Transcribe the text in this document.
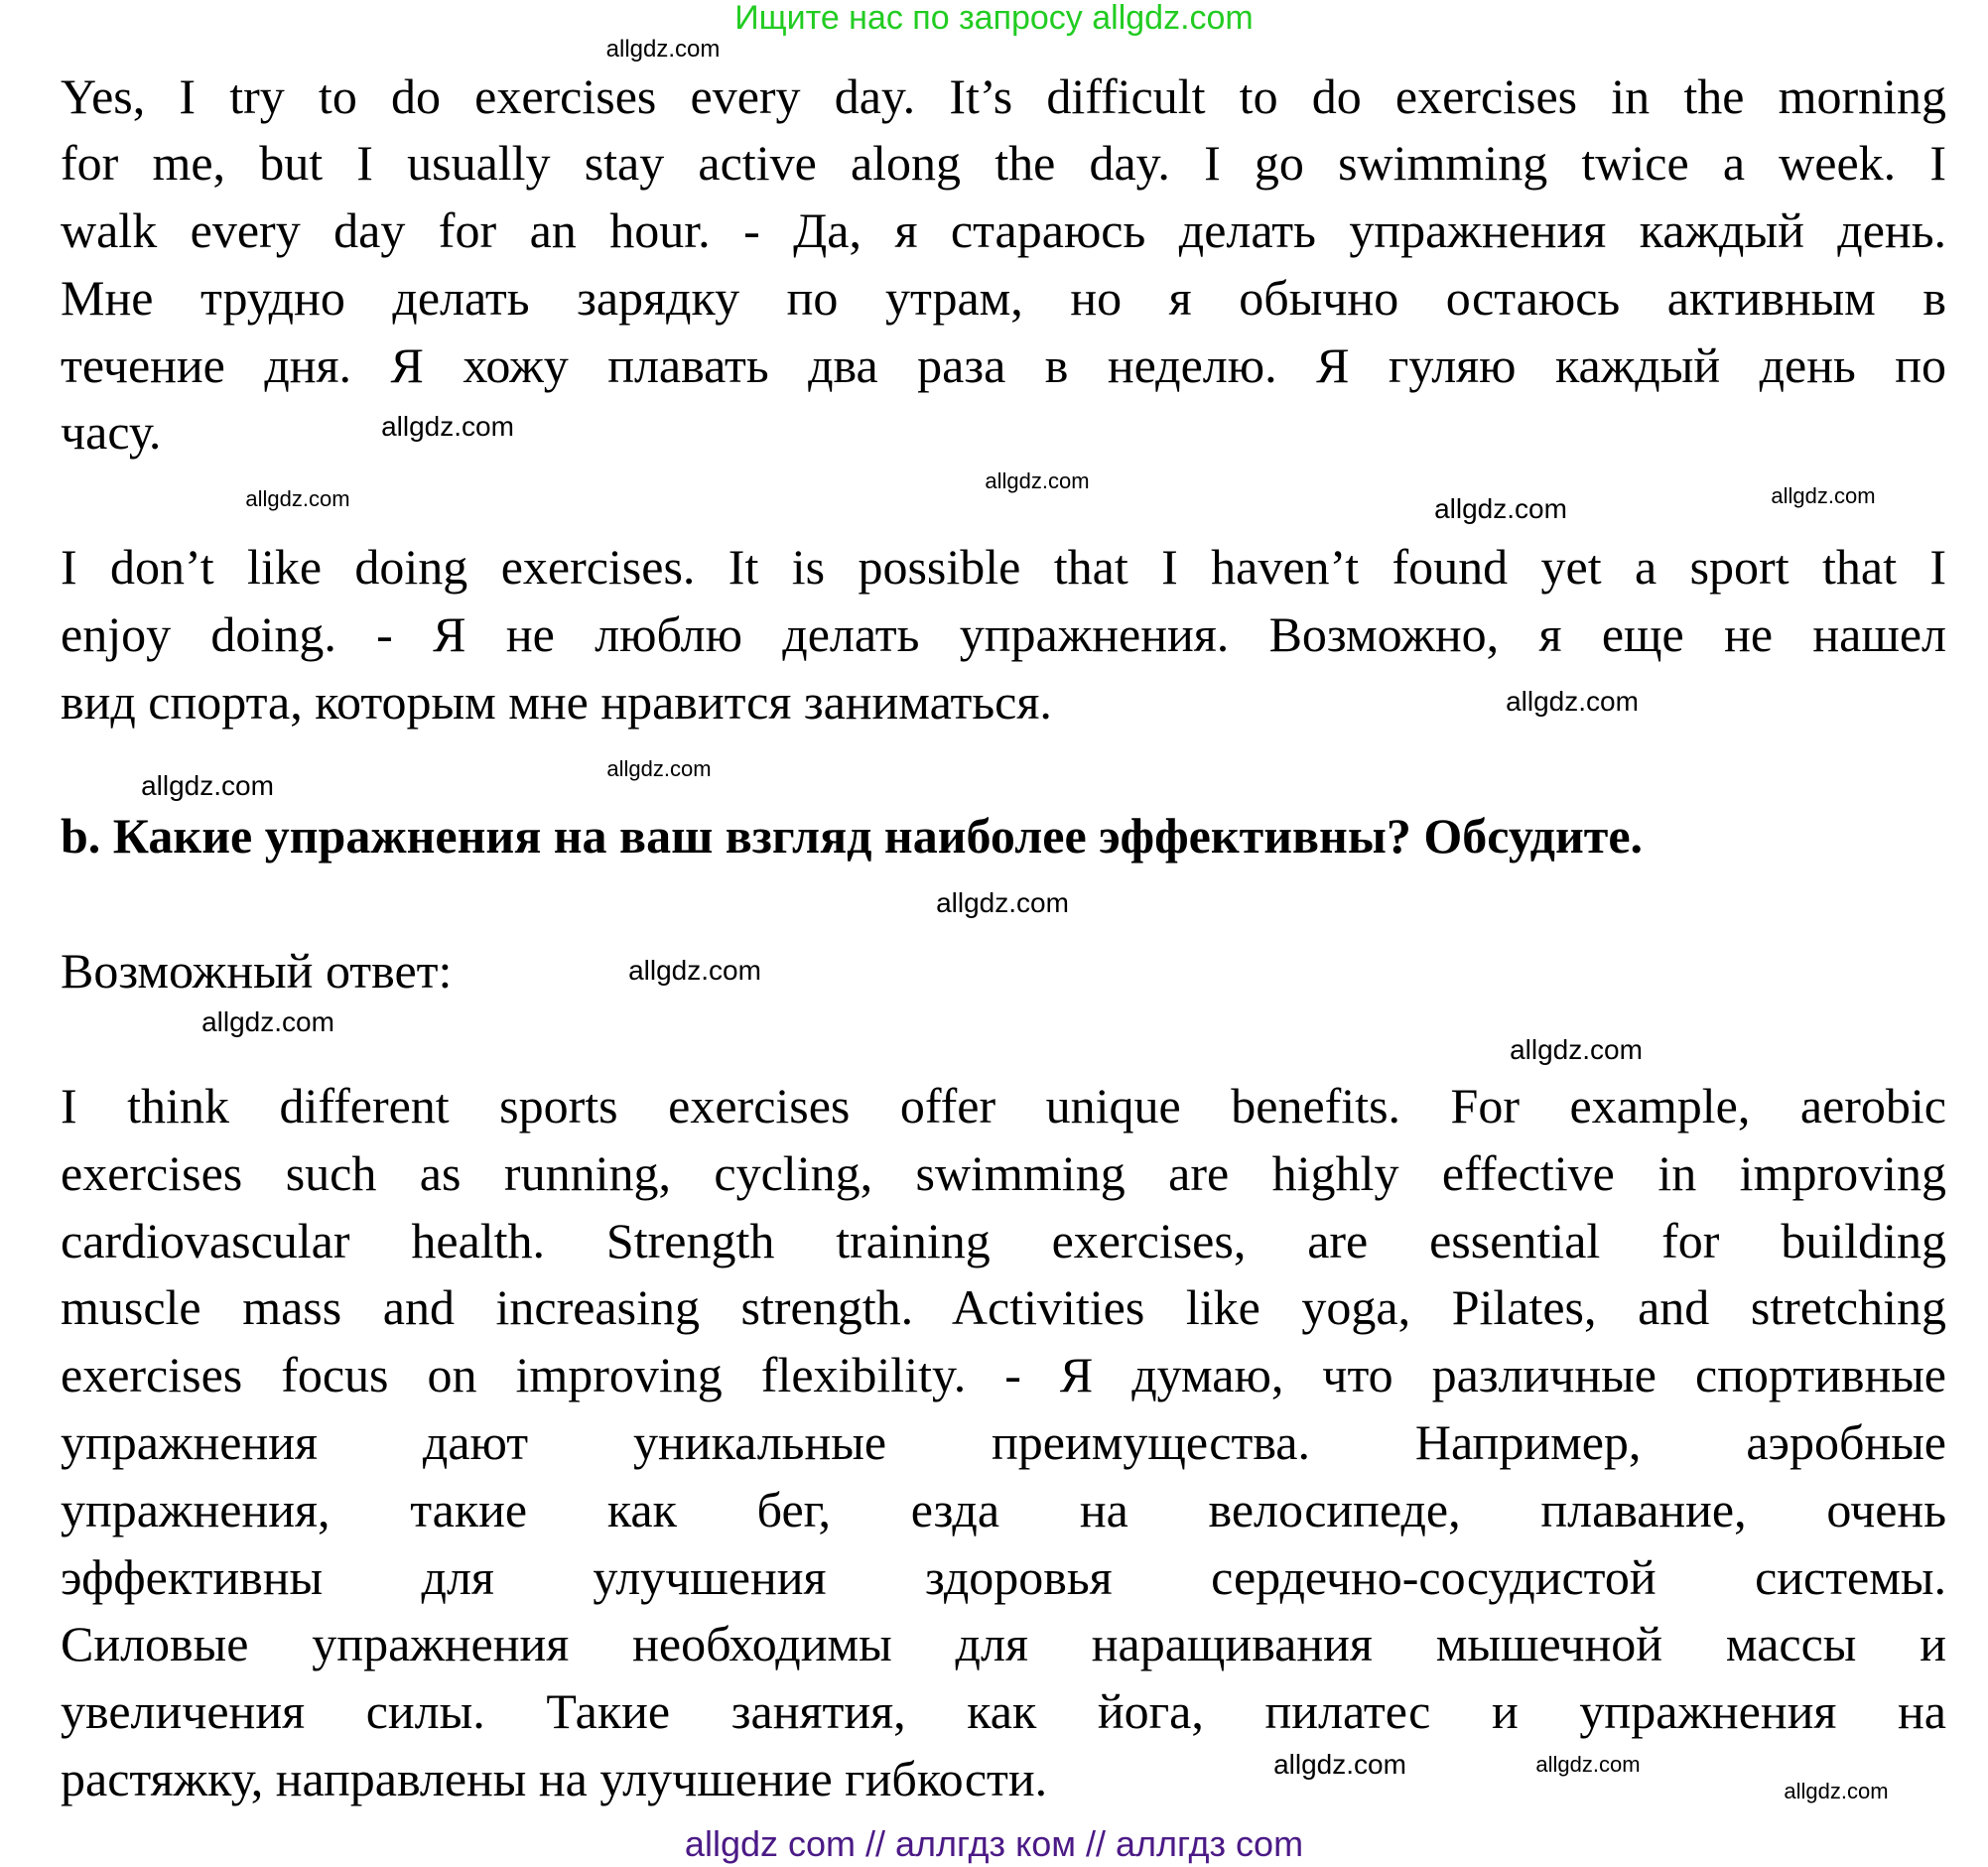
Ищите нас по запросу allgdz.com
Yes, I try to do exercises every day. It’s difficult to do exercises in the morning
for me, but I usually stay active along the day. I go swimming twice a week. I
walk every day for an hour. - Да, я стараюсь делать упражнения каждый день.
Мне трудно делать зарядку по утрам, но я обычно остаюсь активным в
течение дня. Я хожу плавать два раза в неделю. Я гуляю каждый день по
часу.
I don’t like doing exercises. It is possible that I haven’t found yet a sport that I
enjoy doing. - Я не люблю делать упражнения. Возможно, я еще не нашел
вид спорта, которым мне нравится заниматься.
b. Какие упражнения на ваш взгляд наиболее эффективны? Обсудите.
Возможный ответ:
I think different sports exercises offer unique benefits. For example, aerobic
exercises such as running, cycling, swimming are highly effective in improving
cardiovascular health. Strength training exercises, are essential for building
muscle mass and increasing strength. Activities like yoga, Pilates, and stretching
exercises focus on improving flexibility. - Я думаю, что различные спортивные
упражнения дают уникальные преимущества. Например, аэробные
упражнения, такие как бег, езда на велосипеде, плавание, очень
эффективны для улучшения здоровья сердечно-сосудистой системы.
Силовые упражнения необходимы для наращивания мышечной массы и
увеличения силы. Такие занятия, как йога, пилатес и упражнения на
растяжку, направлены на улучшение гибкости.
allgdz.com
allgdz.com
allgdz.com
allgdz.com
allgdz.com
allgdz.com
allgdz.com
allgdz.com
allgdz.com
allgdz.com
allgdz.com
allgdz.com
allgdz.com
allgdz.com
allgdz.com
allgdz.com
allgdz com // аллгдз ком // аллгдз com
